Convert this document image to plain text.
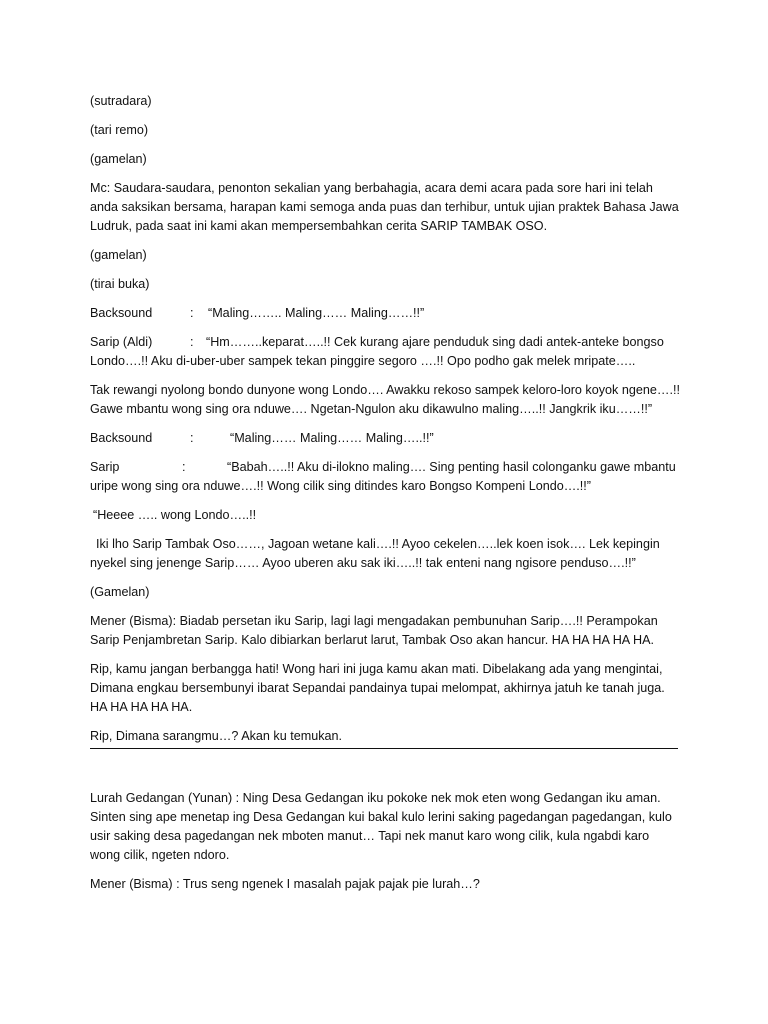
(sutradara)

(tari remo)

(gamelan)

Mc: Saudara-saudara, penonton sekalian yang berbahagia, acara demi acara pada sore hari ini telah anda saksikan bersama, harapan kami semoga anda puas dan terhibur, untuk ujian praktek Bahasa Jawa Ludruk, pada saat ini kami akan mempersembahkan cerita SARIP TAMBAK OSO.

(gamelan)

(tirai buka)

Backsound	: “Maling…….. Maling…… Maling……!!”

Sarip (Aldi)	: “Hm……..keparat…..!! Cek kurang ajare penduduk sing dadi antek-anteke bongso Londo….!! Aku di-uber-uber sampek tekan pinggire segoro ….!! Opo podho gak melek mripate…..

Tak rewangi nyolong bondo dunyone wong Londo…. Awakku rekoso sampek keloro-loro koyok ngene….!! Gawe mbantu wong sing ora nduwe…. Ngetan-Ngulon aku dikawulno maling…..!! Jangkrik iku……!!”

Backsound	:	“Maling…… Maling…… Maling…..!!”

Sarip	:	“Babah…..!! Aku di-ilokno maling…. Sing penting hasil colonganku gawe mbantu uripe wong sing ora nduwe….!! Wong cilik sing ditindes karo Bongso Kompeni Londo….!!”

“Heeee ….. wong Londo…..!!

Iki lho Sarip Tambak Oso……, Jagoan wetane kali….!! Ayoo cekelen…..lek koen isok…. Lek kepingin nyekel sing jenenge Sarip…… Ayoo uberen aku sak iki…..!! tak enteni nang ngisore penduso….!!”

(Gamelan)

Mener (Bisma): Biadab persetan iku Sarip, lagi lagi mengadakan pembunuhan Sarip….!! Perampokan Sarip Penjambretan Sarip. Kalo dibiarkan berlarut larut, Tambak Oso akan hancur. HA HA HA HA HA.

Rip, kamu jangan berbangga hati! Wong hari ini juga kamu akan mati. Dibelakang ada yang mengintai, Dimana engkau bersembunyi ibarat Sepandai pandainya tupai melompat, akhirnya jatuh ke tanah juga. HA HA HA HA HA.

Rip, Dimana sarangmu…? Akan ku temukan.

Lurah Gedangan (Yunan) : Ning Desa Gedangan iku pokoke nek mok eten wong Gedangan iku aman. Sinten sing ape menetap ing Desa Gedangan kui bakal kulo lerini saking pagedangan pagedangan, kulo usir saking desa pagedangan nek mboten manut… Tapi nek manut karo wong cilik, kula ngabdi karo wong cilik, ngeten ndoro.

Mener (Bisma) : Trus seng ngenek I masalah pajak pajak pie lurah…?
